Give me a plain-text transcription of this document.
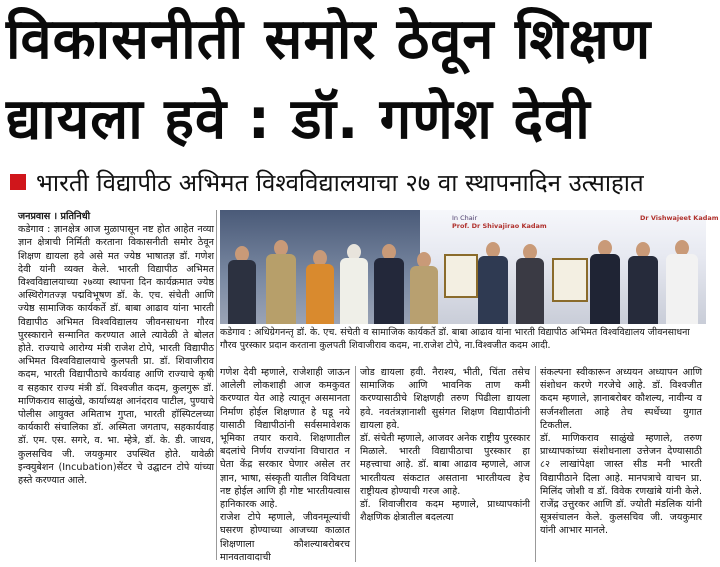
विकासनीती समोर ठेवून शिक्षण
द्यायला हवे : डॉ. गणेश देवी
भारती विद्यापीठ अभिमत विश्‍वविद्यालयाचा २७ वा स्थापनादिन उत्साहात

जनप्रवास । प्रतिनिधी

कडेगाव : ज्ञानक्षेत्र आज मुळापासून नष्ट होत आहेत नव्या ज्ञान क्षेत्राची निर्मिती करताना विकासनीती समोर ठेवून शिक्षण द्यायला हवे असे मत ज्येष्ठ भाषातज्ञ डॉ. गणेश देवी यांनी व्यक्त केले. भारती विद्यापीठ अभिमत विश्‍वविद्यालयाच्या २७व्या स्थापना दिन कार्यक्रमात ज्येष्ठ अस्थिरोगतज्ज्ञ पद्मविभूषण डॉ. के. एच. संचेती आणि ज्येष्ठ सामाजिक कार्यकर्ते डॉ. बाबा आढाव यांना भारती विद्यापीठ अभिमत विश्‍वविद्यालय जीवनसाधना गौरव पुरस्काराने सन्मानित करण्यात आले त्यावेळी ते बोलत होते. राज्याचे आरोग्य मंत्री राजेश टोपे, भारती विद्यापीठ अभिमत विश्‍वविद्यालयाचे कुलपती प्रा. डॉ. शिवाजीराव कदम, भारती विद्यापीठाचे कार्यवाह आणि राज्याचे कृषी व सहकार राज्य मंत्री डॉ. विश्‍वजीत कदम, कुलगुरू डॉ. माणिकराव साळुंखे, कार्याध्यक्ष आनंदराव पाटील, पुण्याचे पोलीस आयुक्त अमिताभ गुप्ता, भारती हॉस्पिटलच्या कार्यकारी संचालिका डॉ. अस्मिता जगताप, सहकार्यवाह डॉ. एम. एस. सगरे, व. भा. म्हेत्रे, डॉ. के. डी. जाधव, कुलसचिव जी. जयकुमार उपस्थित होते. यावेळी इन्क्युबेशन (Incubation)सेंटर चे उद्घाटन टोपे यांच्या हस्ते करण्यात आले.

In Chair
Prof. Dr Shivajirao Kadam
Dr Vishwajeet Kadam
कडेगाव : अधिग्रेगनन्तृ डॉ. के. एच. संचेती व सामाजिक कार्यकर्ते डॉ. बाबा आढाव यांना भारती विद्यापीठ अभिमत विश्‍वविद्यालय जीवनसाधना गौरव पुरस्कार प्रदान करताना कुलपती शिवाजीराव कदम, ना.राजेश टोपे, ना.विश्‍वजीत कदम आदी.

गणेश देवी म्हणाले, राजेशाही जाऊन आलेली लोकशाही आज कमकुवत करण्यात येत आहे त्यातून असमानता निर्माण होईल शिक्षणात हे घडू नये यासाठी विद्यापीठांनी सर्वसमावेशक भूमिका तयार करावे. शिक्षणातील बदलांचे निर्णय राज्यांना विचारात न घेता केंद्र सरकार घेणार असेल तर ज्ञान, भाषा, संस्कृती यातील विविधता नष्ट होईल आणि ही गोष्ट भारतीयत्वास हानिकारक आहे.
राजेश टोपे म्हणाले, जीवनमूल्यांची घसरण होण्याच्या आजच्या काळात शिक्षणाला कौशल्याबरोबरच मानवतावादाची

जोड द्यायला हवी. नैराश्य, भीती, चिंता तसेच सामाजिक आणि भावनिक ताण कमी करण्यासाठीचे शिक्षणही तरुण पिढीला द्यायला हवे. नवतंत्रज्ञानाशी सुसंगत शिक्षण विद्यापीठांनी द्यायला हवे.
डॉ. संचेती म्हणाले, आजवर अनेक राष्ट्रीय पुरस्कार मिळाले. भारती विद्यापीठाचा पुरस्कार हा महत्त्वाचा आहे. डॉ. बाबा आढाव म्हणाले, आज भारतीयत्व संकटात असताना भारतीयत्व हेच राष्ट्रीयत्व होण्याची गरज आहे.
डॉ. शिवाजीराव कदम म्हणाले, प्राध्यापकांनी शैक्षणिक क्षेत्रातील बदलत्या

संकल्पना स्वीकारून अध्ययन अध्यापन आणि संशोधन करणे गरजेचे आहे. डॉ. विश्‍वजीत कदम म्हणाले, ज्ञानाबरोबर कौशल्य, नावीन्य व सर्जनशीलता आहे तेच स्पर्धेच्या युगात टिकतील.
डॉ. माणिकराव साळुंखे म्हणाले, तरुण प्राध्यापकांच्या संशोधनाला उत्तेजन देण्यासाठी ८२ लाखांपेक्षा जास्त सीड मनी भारती विद्यापीठाने दिला आहे. मानपत्राचे वाचन प्रा. मिलिंद जोशी व डॉ. विवेक रणखांबे यांनी केले. राजेंद्र उत्तुरकर आणि डॉ. ज्योती मंडलिक यांनी सूत्रसंचालन केले. कुलसचिव जी. जयकुमार यांनी आभार मानले.
